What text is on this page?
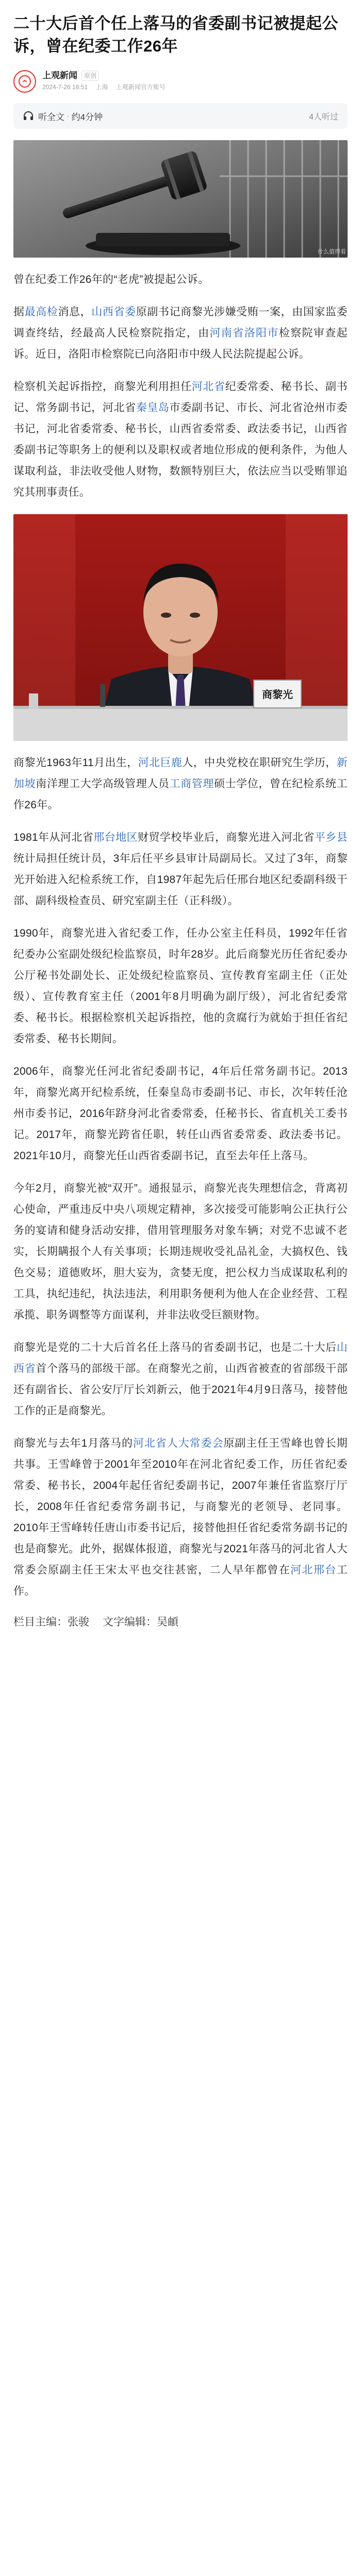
二十大后首个任上落马的省委副书记被提起公诉，曾在纪委工作26年
上观新闻	原创
2024-7-26 18:51 上海 上观新闻官方账号
听全文 · 约4分钟	4人听过
什么值得看

曾在纪委工作26年的“老虎”被提起公诉。

据最高检消息，山西省委原副书记商黎光涉嫌受贿一案，由国家监委调查终结，经最高人民检察院指定，由河南省洛阳市检察院审查起诉。近日，洛阳市检察院已向洛阳市中级人民法院提起公诉。

检察机关起诉指控，商黎光利用担任河北省纪委常委、秘书长、副书记、常务副书记，河北省秦皇岛市委副书记、市长、河北省沧州市委书记，河北省委常委、秘书长，山西省委常委、政法委书记，山西省委副书记等职务上的便利以及职权或者地位形成的便利条件，为他人谋取利益，非法收受他人财物，数额特别巨大，依法应当以受贿罪追究其刑事责任。

商黎光

商黎光1963年11月出生，河北巨鹿人，中央党校在职研究生学历，新加坡南洋理工大学高级管理人员工商管理硕士学位，曾在纪检系统工作26年。

1981年从河北省邢台地区财贸学校毕业后，商黎光进入河北省平乡县统计局担任统计员，3年后任平乡县审计局副局长。又过了3年，商黎光开始进入纪检系统工作，自1987年起先后任邢台地区纪委副科级干部、副科级检查员、研究室副主任（正科级）。

1990年，商黎光进入省纪委工作，任办公室主任科员，1992年任省纪委办公室副处级纪检监察员，时年28岁。此后商黎光历任省纪委办公厅秘书处副处长、正处级纪检监察员、宣传教育室副主任（正处级）、宣传教育室主任（2001年8月明确为副厅级），河北省纪委常委、秘书长。根据检察机关起诉指控，他的贪腐行为就始于担任省纪委常委、秘书长期间。

2006年，商黎光任河北省纪委副书记，4年后任常务副书记。2013年，商黎光离开纪检系统，任秦皇岛市委副书记、市长，次年转任沧州市委书记，2016年跻身河北省委常委，任秘书长、省直机关工委书记。2017年，商黎光跨省任职，转任山西省委常委、政法委书记。2021年10月，商黎光任山西省委副书记，直至去年任上落马。

今年2月，商黎光被“双开”。通报显示，商黎光丧失理想信念，背离初心使命，严重违反中央八项规定精神，多次接受可能影响公正执行公务的宴请和健身活动安排，借用管理服务对象车辆；对党不忠诚不老实，长期瞒报个人有关事项；长期违规收受礼品礼金，大搞权色、钱色交易；道德败坏，胆大妄为，贪婪无度，把公权力当成谋取私利的工具，执纪违纪，执法违法，利用职务便利为他人在企业经营、工程承揽、职务调整等方面谋利，并非法收受巨额财物。

商黎光是党的二十大后首名任上落马的省委副书记，也是二十大后山西省首个落马的部级干部。在商黎光之前，山西省被查的省部级干部还有副省长、省公安厅厅长刘新云，他于2021年4月9日落马，接替他工作的正是商黎光。

商黎光与去年1月落马的河北省人大常委会原副主任王雪峰也曾长期共事。王雪峰曾于2001年至2010年在河北省纪委工作，历任省纪委常委、秘书长，2004年起任省纪委副书记，2007年兼任省监察厅厅长，2008年任省纪委常务副书记，与商黎光的老领导、老同事。2010年王雪峰转任唐山市委书记后，接替他担任省纪委常务副书记的也是商黎光。此外，据媒体报道，商黎光与2021年落马的河北省人大常委会原副主任王宋太平也交往甚密，二人早年都曾在河北邢台工作。

栏目主编：张骏 文字编辑：吴頔
